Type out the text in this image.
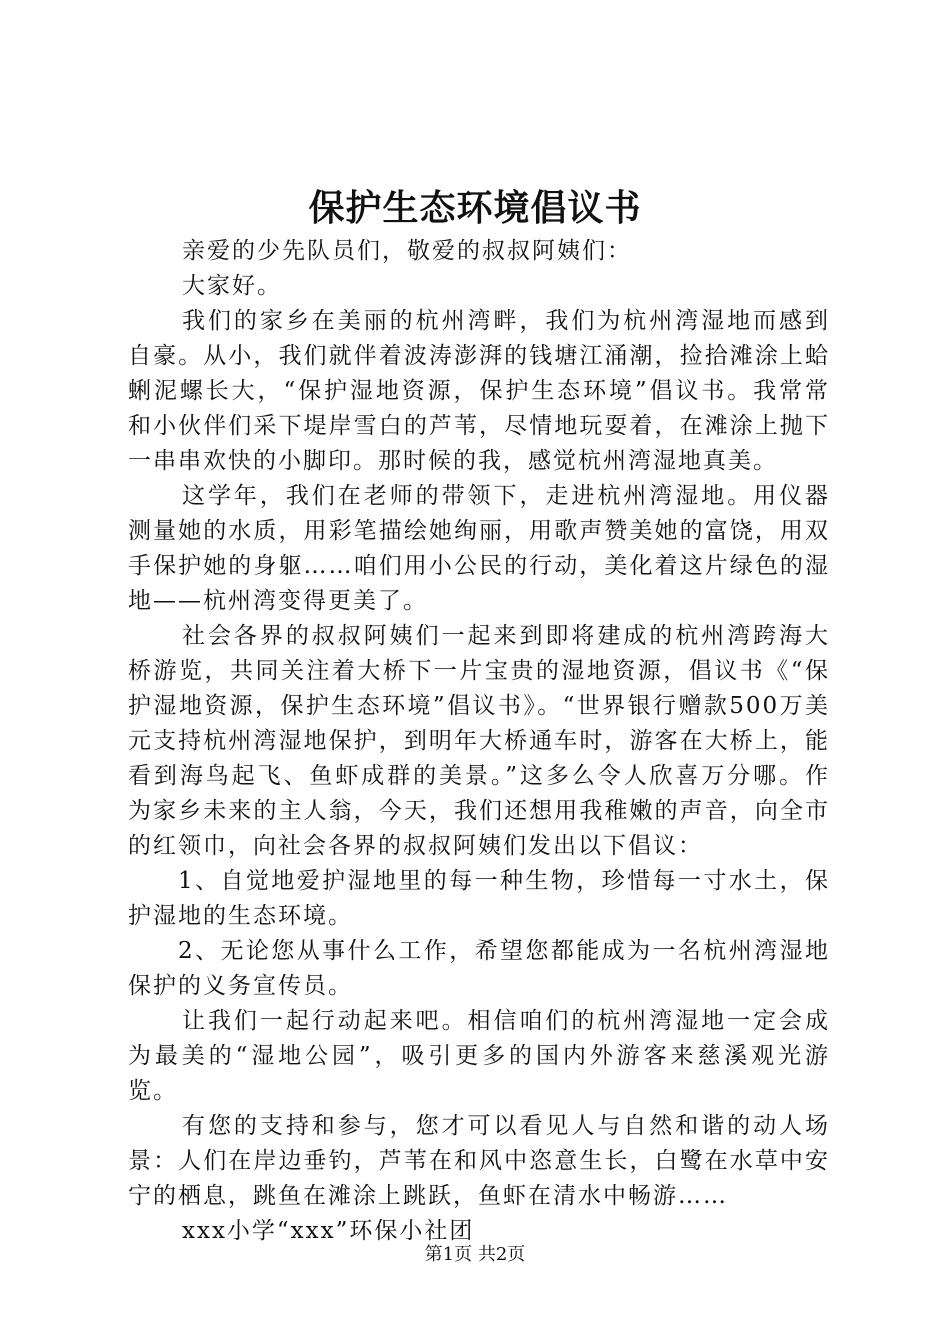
保护生态环境倡议书

亲爱的少先队员们，敬爱的叔叔阿姨们：

大家好。

我们的家乡在美丽的杭州湾畔，我们为杭州湾湿地而感到自豪。从小，我们就伴着波涛澎湃的钱塘江涌潮，捡拾滩涂上蛤蜊泥螺长大，“保护湿地资源，保护生态环境”倡议书。我常常和小伙伴们采下堤岸雪白的芦苇，尽情地玩耍着，在滩涂上抛下一串串欢快的小脚印。那时候的我，感觉杭州湾湿地真美。

这学年，我们在老师的带领下，走进杭州湾湿地。用仪器测量她的水质，用彩笔描绘她绚丽，用歌声赞美她的富饶，用双手保护她的身躯……咱们用小公民的行动，美化着这片绿色的湿地——杭州湾变得更美了。

社会各界的叔叔阿姨们一起来到即将建成的杭州湾跨海大桥游览，共同关注着大桥下一片宝贵的湿地资源，倡议书《“保护湿地资源，保护生态环境”倡议书》。“世界银行赠款500万美元支持杭州湾湿地保护，到明年大桥通车时，游客在大桥上，能看到海鸟起飞、鱼虾成群的美景。”这多么令人欣喜万分哪。作为家乡未来的主人翁，今天，我们还想用我稚嫩的声音，向全市的红领巾，向社会各界的叔叔阿姨们发出以下倡议：

1、自觉地爱护湿地里的每一种生物，珍惜每一寸水土，保护湿地的生态环境。

2、无论您从事什么工作，希望您都能成为一名杭州湾湿地保护的义务宣传员。

让我们一起行动起来吧。相信咱们的杭州湾湿地一定会成为最美的“湿地公园”，吸引更多的国内外游客来慈溪观光游览。

有您的支持和参与，您才可以看见人与自然和谐的动人场景：人们在岸边垂钓，芦苇在和风中恣意生长，白鹭在水草中安宁的栖息，跳鱼在滩涂上跳跃，鱼虾在清水中畅游……

xxx小学“xxx”环保小社团

第1页 共2页
